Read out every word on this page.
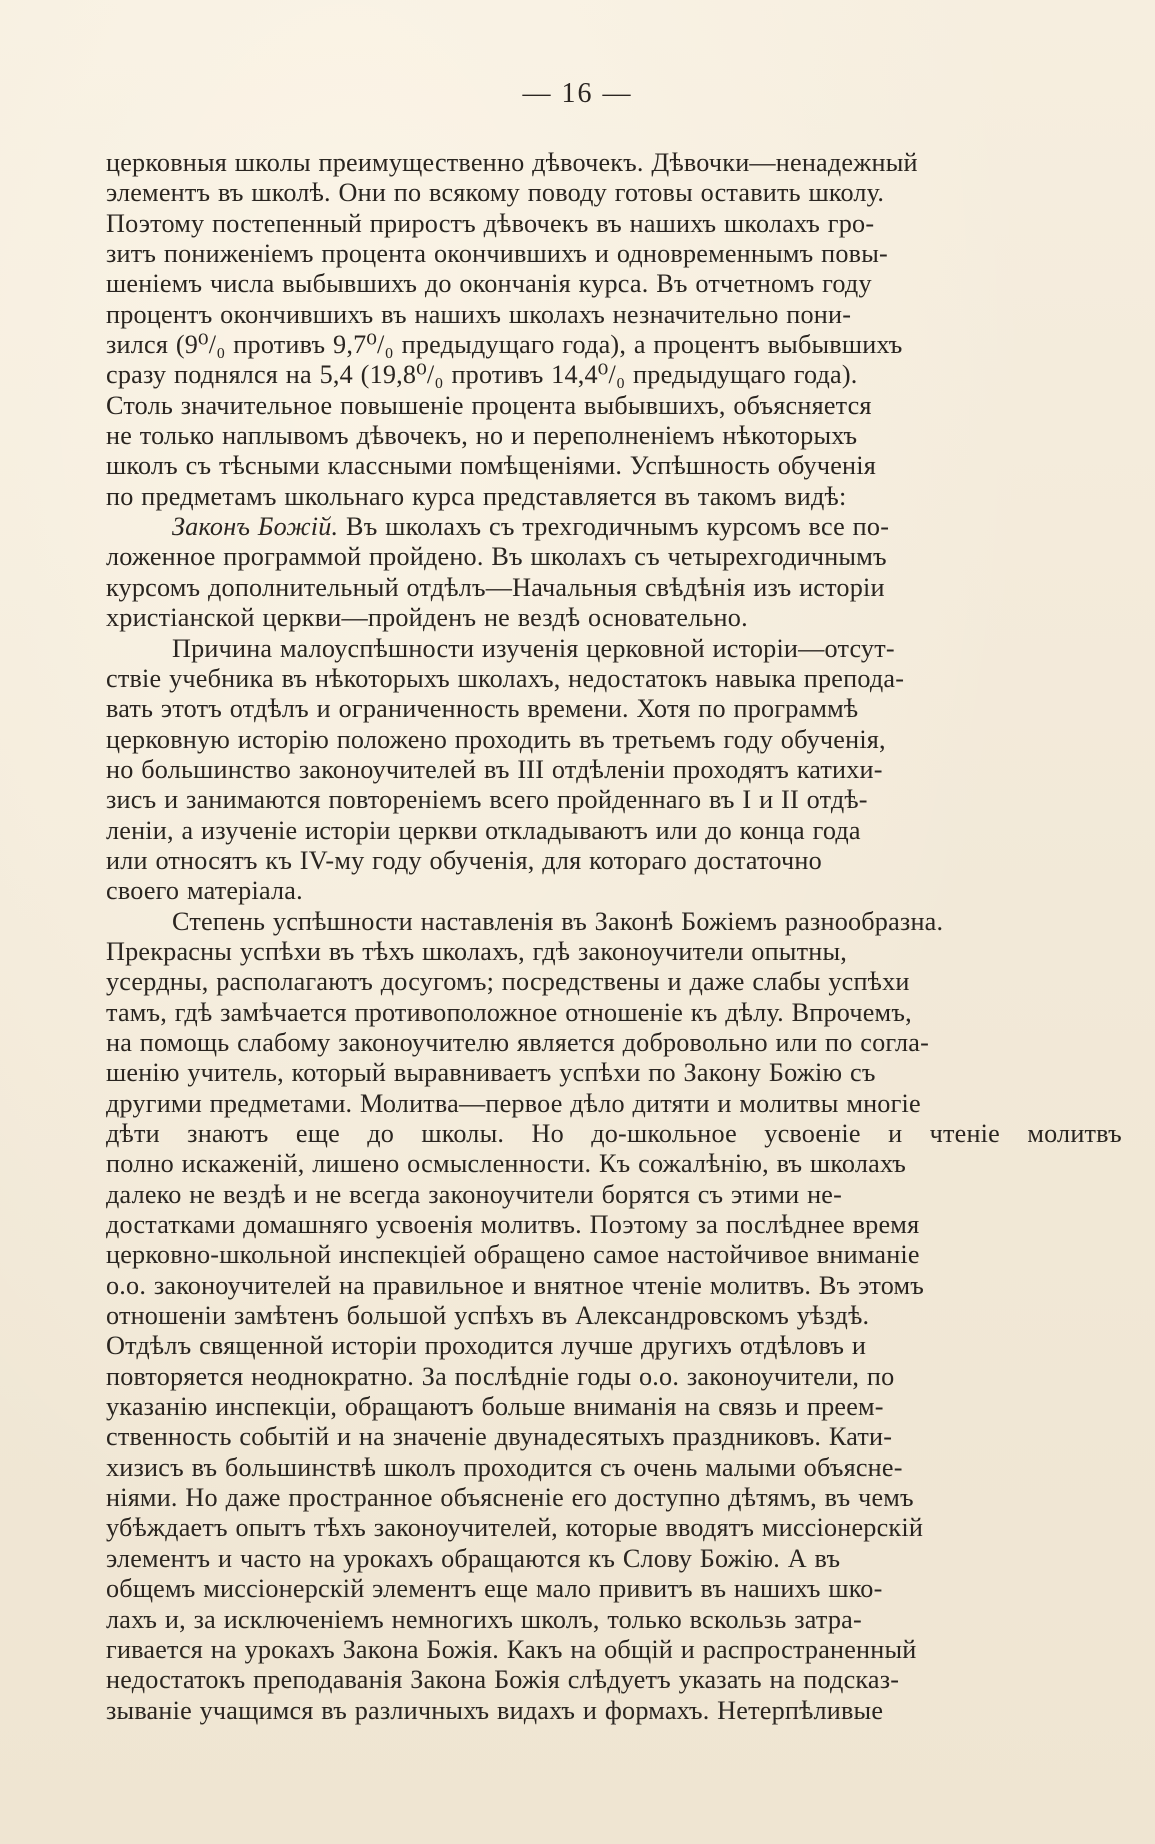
— 16 —
церковныя школы преимущественно дѣвочекъ. Дѣвочки—ненадежный
элементъ въ школѣ. Они по всякому поводу готовы оставить школу.
Поэтому постепенный приростъ дѣвочекъ въ нашихъ школахъ гро-
зитъ пониженіемъ процента окончившихъ и одновременнымъ повы-
шеніемъ числа выбывшихъ до окончанія курса. Въ отчетномъ году
процентъ окончившихъ въ нашихъ школахъ незначительно пони-
зился (9⁰/₀ противъ 9,7⁰/₀ предыдущаго года), а процентъ выбывшихъ
сразу поднялся на 5,4 (19,8⁰/₀ противъ 14,4⁰/₀ предыдущаго года).
Столь значительное повышеніе процента выбывшихъ, объясняется
не только наплывомъ дѣвочекъ, но и переполненіемъ нѣкоторыхъ
школъ съ тѣсными классными помѣщеніями. Успѣшность обученія
по предметамъ школьнаго курса представляется въ такомъ видѣ:
Законъ Божій. Въ школахъ съ трехгодичнымъ курсомъ все по-
ложенное программой пройдено. Въ школахъ съ четырехгодичнымъ
курсомъ дополнительный отдѣлъ—Начальныя свѣдѣнія изъ исторіи
христіанской церкви—пройденъ не вездѣ основательно.
Причина малоуспѣшности изученія церковной исторіи—отсут-
ствіе учебника въ нѣкоторыхъ школахъ, недостатокъ навыка препода-
вать этотъ отдѣлъ и ограниченность времени. Хотя по программѣ
церковную исторію положено проходить въ третьемъ году обученія,
но большинство законоучителей въ III отдѣленіи проходятъ катихи-
зисъ и занимаются повтореніемъ всего пройденнаго въ I и II отдѣ-
леніи, а изученіе исторіи церкви откладываютъ или до конца года
или относятъ къ IV-му году обученія, для котораго достаточно
своего матеріала.
Степень успѣшности наставленія въ Законѣ Божіемъ разнообразна.
Прекрасны успѣхи въ тѣхъ школахъ, гдѣ законоучители опытны,
усердны, располагаютъ досугомъ; посредствены и даже слабы успѣхи
тамъ, гдѣ замѣчается противоположное отношеніе къ дѣлу. Впрочемъ,
на помощь слабому законоучителю является добровольно или по согла-
шенію учитель, который выравниваетъ успѣхи по Закону Божію съ
другими предметами. Молитва—первое дѣло дитяти и молитвы многіе
дѣти знаютъ еще до школы. Но до-школьное усвоеніе и чтеніе молитвъ
полно искаженій, лишено осмысленности. Къ сожалѣнію, въ школахъ
далеко не вездѣ и не всегда законоучители борятся съ этими не-
достатками домашняго усвоенія молитвъ. Поэтому за послѣднее время
церковно-школьной инспекціей обращено самое настойчивое вниманіе
о.о. законоучителей на правильное и внятное чтеніе молитвъ. Въ этомъ
отношеніи замѣтенъ большой успѣхъ въ Александровскомъ уѣздѣ.
Отдѣлъ священной исторіи проходится лучше другихъ отдѣловъ и
повторяется неоднократно. За послѣдніе годы о.о. законоучители, по
указанію инспекціи, обращаютъ больше вниманія на связь и преем-
ственность событій и на значеніе двунадесятыхъ праздниковъ. Кати-
хизисъ въ большинствѣ школъ проходится съ очень малыми объясне-
ніями. Но даже пространное объясненіе его доступно дѣтямъ, въ чемъ
убѣждаетъ опытъ тѣхъ законоучителей, которые вводятъ миссіонерскій
элементъ и часто на урокахъ обращаются къ Слову Божію. А въ
общемъ миссіонерскій элементъ еще мало привитъ въ нашихъ шко-
лахъ и, за исключеніемъ немногихъ школъ, только вскользь затра-
гивается на урокахъ Закона Божія. Какъ на общій и распространенный
недостатокъ преподаванія Закона Божія слѣдуетъ указать на подсказ-
зываніе учащимся въ различныхъ видахъ и формахъ. Нетерпѣливые
